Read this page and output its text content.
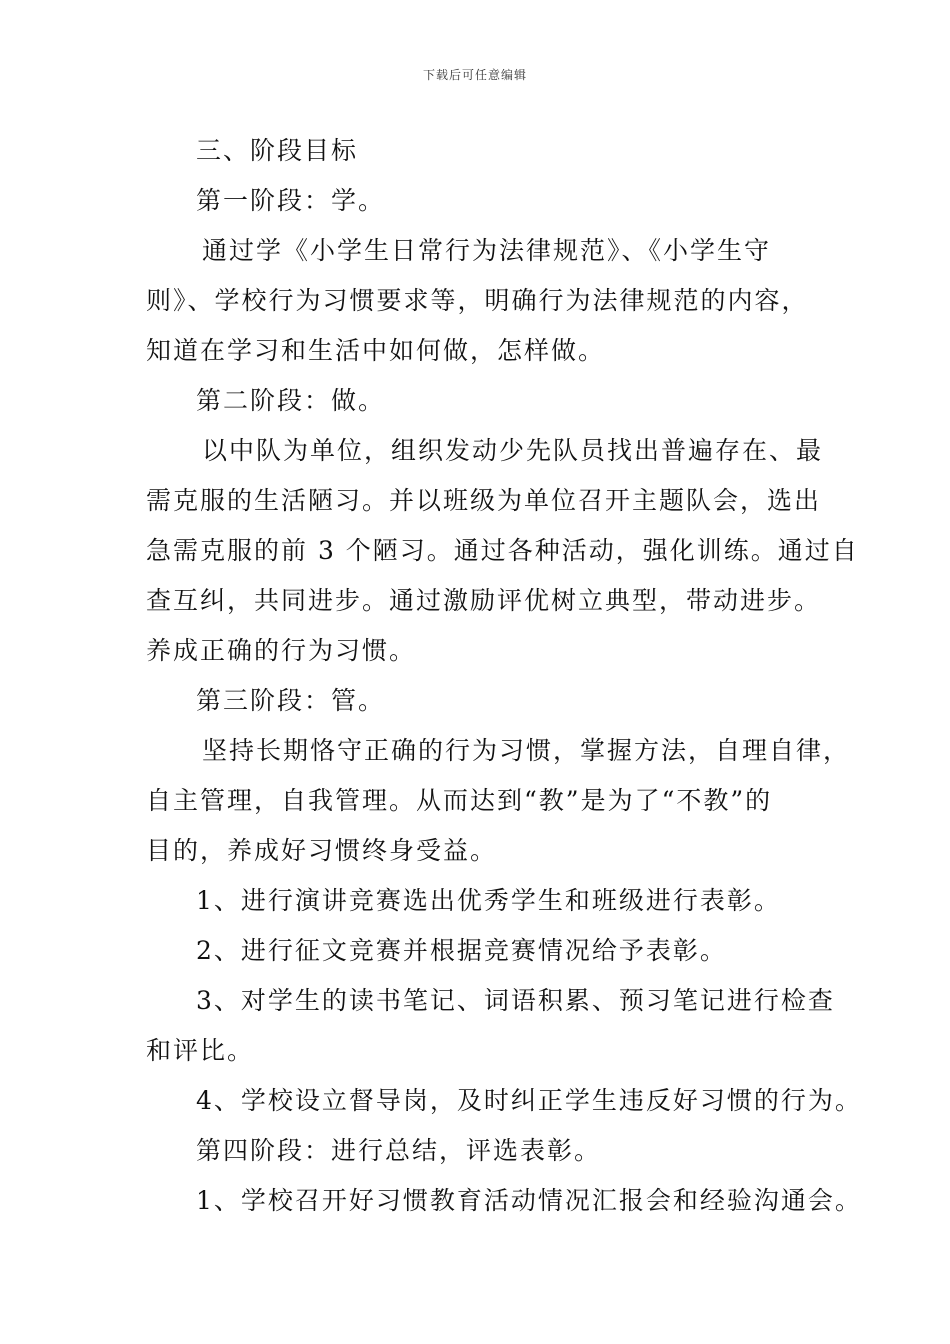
下载后可任意编辑

三、阶段目标

第一阶段：学。

通过学《小学生日常行为法律规范》、《小学生守

则》、学校行为习惯要求等，明确行为法律规范的内容，

知道在学习和生活中如何做，怎样做。

第二阶段：做。

以中队为单位，组织发动少先队员找出普遍存在、最

需克服的生活陋习。并以班级为单位召开主题队会，选出

急需克服的前 3 个陋习。通过各种活动，强化训练。通过自

查互纠，共同进步。通过激励评优树立典型，带动进步。

养成正确的行为习惯。

第三阶段：管。

坚持长期恪守正确的行为习惯，掌握方法，自理自律，

自主管理，自我管理。从而达到“教”是为了“不教”的

目的，养成好习惯终身受益。

1、进行演讲竞赛选出优秀学生和班级进行表彰。

2、进行征文竞赛并根据竞赛情况给予表彰。

3、对学生的读书笔记、词语积累、预习笔记进行检查

和评比。

4、学校设立督导岗，及时纠正学生违反好习惯的行为。

第四阶段：进行总结，评选表彰。

1、学校召开好习惯教育活动情况汇报会和经验沟通会。
